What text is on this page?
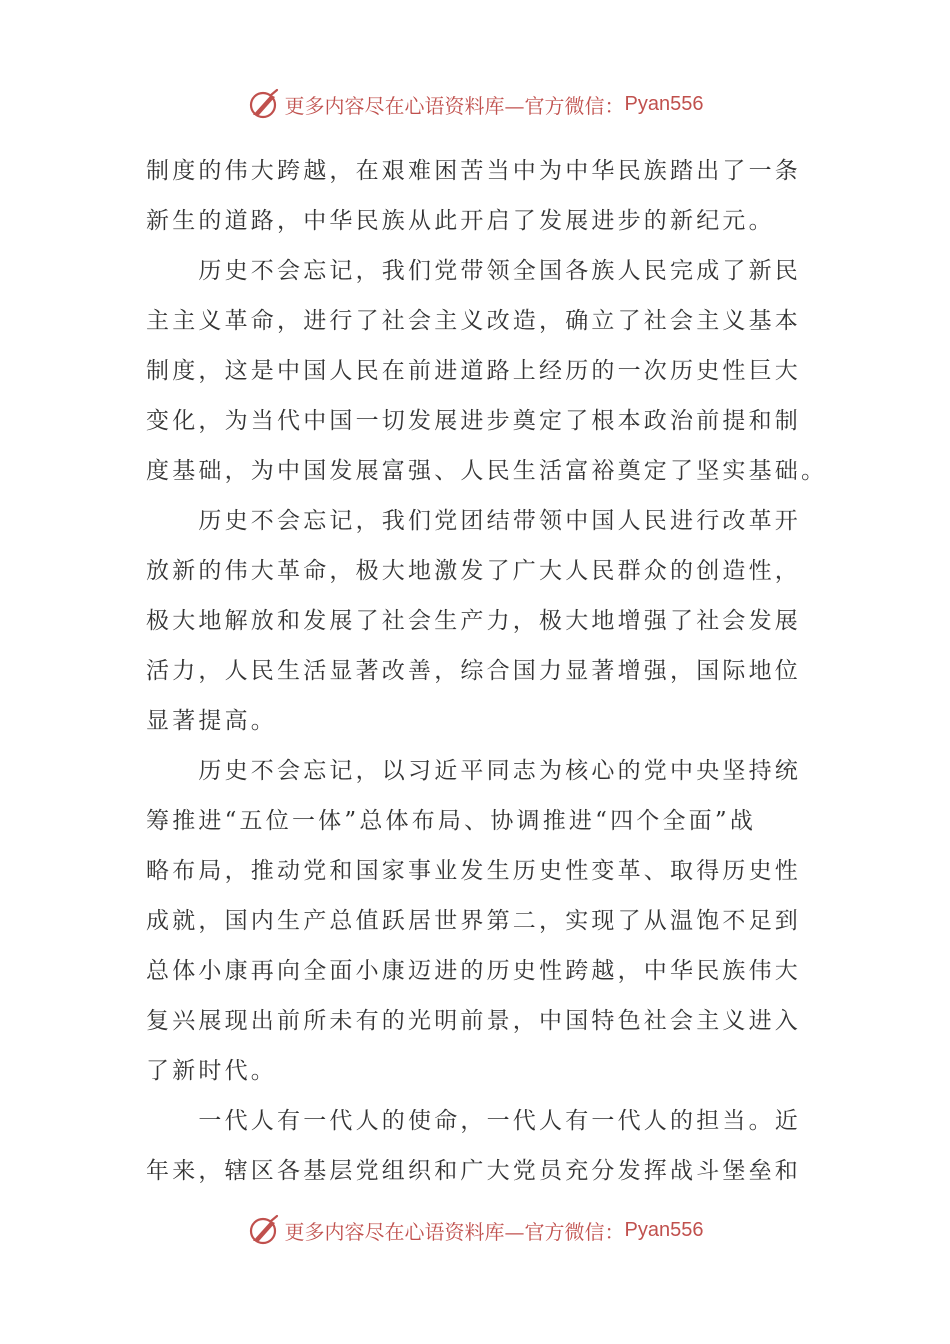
更多内容尽在心语资料库—官方微信： Pyan556
制度的伟大跨越，在艰难困苦当中为中华民族踏出了一条
新生的道路，中华民族从此开启了发展进步的新纪元。
　　历史不会忘记，我们党带领全国各族人民完成了新民
主主义革命，进行了社会主义改造，确立了社会主义基本
制度，这是中国人民在前进道路上经历的一次历史性巨大
变化，为当代中国一切发展进步奠定了根本政治前提和制
度基础，为中国发展富强、人民生活富裕奠定了坚实基础。
　　历史不会忘记，我们党团结带领中国人民进行改革开
放新的伟大革命，极大地激发了广大人民群众的创造性，
极大地解放和发展了社会生产力，极大地增强了社会发展
活力，人民生活显著改善，综合国力显著增强，国际地位
显著提高。
　　历史不会忘记，以习近平同志为核心的党中央坚持统
筹推进“五位一体”总体布局、协调推进“四个全面”战
略布局，推动党和国家事业发生历史性变革、取得历史性
成就，国内生产总值跃居世界第二，实现了从温饱不足到
总体小康再向全面小康迈进的历史性跨越，中华民族伟大
复兴展现出前所未有的光明前景，中国特色社会主义进入
了新时代。
　　一代人有一代人的使命，一代人有一代人的担当。近
年来，辖区各基层党组织和广大党员充分发挥战斗堡垒和
更多内容尽在心语资料库—官方微信： Pyan556
